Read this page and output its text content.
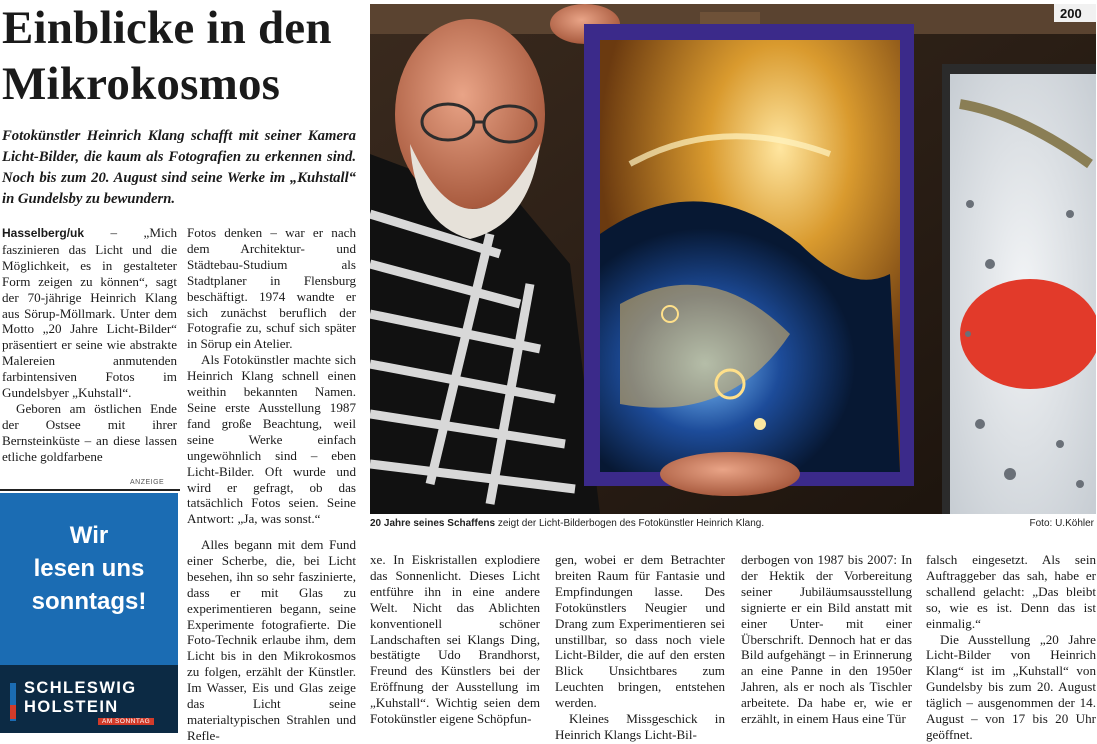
Einblicke in den
Mikrokosmos
Fotokünstler Heinrich Klang schafft mit seiner Kamera Licht-Bilder, die kaum als Fotografien zu erkennen sind. Noch bis zum 20. August sind seine Werke im „Kuhstall“ in Gundelsby zu bewundern.

Hasselberg/uk – „Mich faszinieren das Licht und die Möglichkeit, es in gestalteter Form zeigen zu können“, sagt der 70-jährige Heinrich Klang aus Sörup-Möllmark. Unter dem Motto „20 Jahre Licht-Bilder“ präsentiert er seine wie abstrakte Malereien anmutenden farbintensiven Fotos im Gundelsbyer „Kuhstall“.

Geboren am östlichen Ende der Ostsee mit ihrer Bernsteinküste – an diese lassen etliche goldfarbene

Fotos denken – war er nach dem Architektur- und Städtebau-Studium als Stadtplaner in Flensburg beschäftigt. 1974 wandte er sich zunächst beruflich der Fotografie zu, schuf sich später in Sörup ein Atelier.

Als Fotokünstler machte sich Heinrich Klang schnell einen weithin bekannten Namen. Seine erste Ausstellung 1987 fand große Beachtung, weil seine Werke einfach ungewöhnlich sind – eben Licht-Bilder. Oft wurde und wird er gefragt, ob das tatsächlich Fotos seien. Seine Antwort: „Ja, was sonst.“

Alles begann mit dem Fund einer Scherbe, die, bei Licht besehen, ihn so sehr faszinierte, dass er mit Glas zu experimentieren begann, seine Experimente fotografierte. Die Foto-Technik erlaube ihm, dem Licht bis in den Mikrokosmos zu folgen, erzählt der Künstler. Im Wasser, Eis und Glas zeige das Licht seine materialtypischen Strahlen und Refle-

xe. In Eiskristallen explodiere das Sonnenlicht. Dieses Licht entführe ihn in eine andere Welt. Nicht das Ablichten konventionell schöner Landschaften sei Klangs Ding, bestätigte Udo Brandhorst, Freund des Künstlers bei der Eröffnung der Ausstellung im „Kuhstall“. Wichtig seien dem Fotokünstler eigene Schöpfun-

gen, wobei er dem Betrachter breiten Raum für Fantasie und Empfindungen lasse. Des Fotokünstlers Neugier und Drang zum Experimentieren sei unstillbar, so dass noch viele Licht-Bilder, die auf den ersten Blick Unsichtbares zum Leuchten bringen, entstehen werden.

Kleines Missgeschick in Heinrich Klangs Licht-Bil-

derbogen von 1987 bis 2007: In der Hektik der Vorbereitung seiner Jubiläumsausstellung signierte er ein Bild anstatt mit einer Unter- mit einer Überschrift. Dennoch hat er das Bild aufgehängt – in Erinnerung an eine Panne in den 1950er Jahren, als er noch als Tischler arbeitete. Da habe er, wie er erzählt, in einem Haus eine Tür

falsch eingesetzt. Als sein Auftraggeber das sah, habe er schallend gelacht: „Das bleibt so, wie es ist. Denn das ist einmalig.“

Die Ausstellung „20 Jahre Licht-Bilder von Heinrich Klang“ ist im „Kuhstall“ von Gundelsby bis zum 20. August täglich – ausgenommen der 14. August – von 17 bis 20 Uhr geöffnet.

ANZEIGE
Wir
lesen uns
sonntags!
SCHLESWIG
HOLSTEIN
AM SONNTAG
200
20 Jahre seines Schaffens zeigt der Licht-Bilderbogen des Fotokünstler Heinrich Klang.	Foto: U.Köhler
